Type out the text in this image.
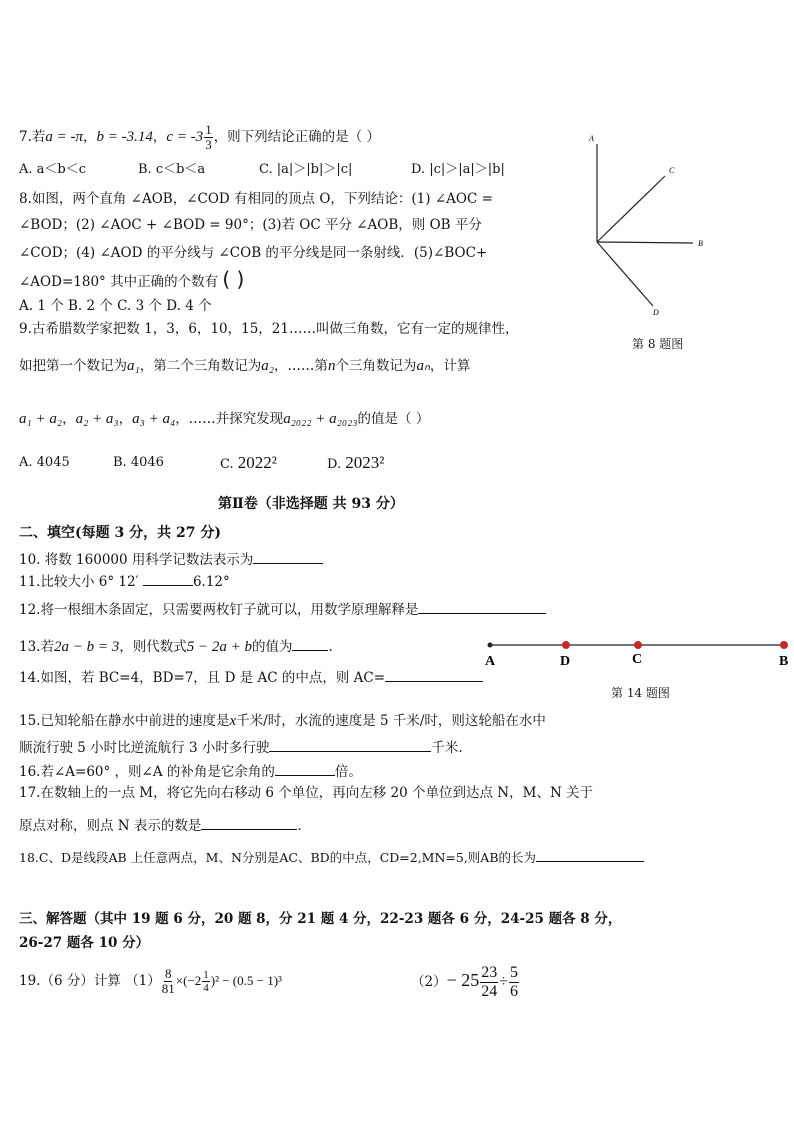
7.若a = -π，b = -3.14，$c = -3 \frac{1}{3}$ ，则下列结论正确的是（ ）
A. a＜b＜c	B. c＜b＜a	C. |a|＞|b|＞|c|	D. |c|＞|a|＞|b|
8.如图，两个直角 ∠AOB，∠COD 有相同的顶点 O，下列结论：(1) ∠AOC =
∠BOD；(2) ∠AOC + ∠BOD = 90°；(3)若 OC 平分 ∠AOB，则 OB 平分
∠COD；(4) ∠AOD 的平分线与 ∠COB 的平分线是同一条射线．(5)∠BOC+
∠AOD=180° 其中正确的个数有 ( )
A. 1 个 B. 2 个 C. 3 个 D. 4 个
A
C
B
D
第 8 题图
9.古希腊数学家把数 1，3，6，10，15，21……叫做三角数，它有一定的规律性，
如把第一个数记为a₁，第二个三角数记为a₂，……第n个三角数记为aₙ，计算
a₁ + a₂，a₂ + a₃，a₃ + a₄，……并探究发现a₂₀₂₂ + a₂₀₂₃的值是（ ）
A. 4045	B. 4046	C. 2022²	D. 2023²
第Ⅱ卷（非选择题 共 93 分）
二、填空(每题 3 分，共 27 分)
10. 将数 160000 用科学记数法表示为
11.比较大小 6° 12′	6.12°
12.将一根细木条固定，只需要两枚钉子就可以，用数学原理解释是
13.若2a − b = 3，则代数式5 − 2a + b的值为	.
14.如图，若 BC=4，BD=7，且 D 是 AC 的中点，则 AC=
A	D	C	B
第 14 题图
15.已知轮船在静水中前进的速度是x千米/时，水流的速度是 5 千米/时，则这轮船在水中
顺流行驶 5 小时比逆流航行 3 小时多行驶	千米.
16.若∠A=60° ，则∠A 的补角是它余角的	倍。
17.在数轴上的一点 M，将它先向右移动 6 个单位，再向左移 20 个单位到达点 N，M、N 关于
原点对称，则点 N 表示的数是	.
18.C、D是线段AB 上任意两点，M、N分别是AC、BD的中点，CD=2,MN=5,则AB的长为
三、解答题（其中 19 题 6 分，20 题 8，分 21 题 4 分，22-23 题各 6 分，24-25 题各 8 分，
26-27 题各 10 分）
19.（6 分）计算 $(1) \frac{8}{81} \times(-2 \frac{1}{4} )^2 - (0.5 - 1)^3$	$(2)- 25 \frac{23}{24} \div \frac{5}{6}$
